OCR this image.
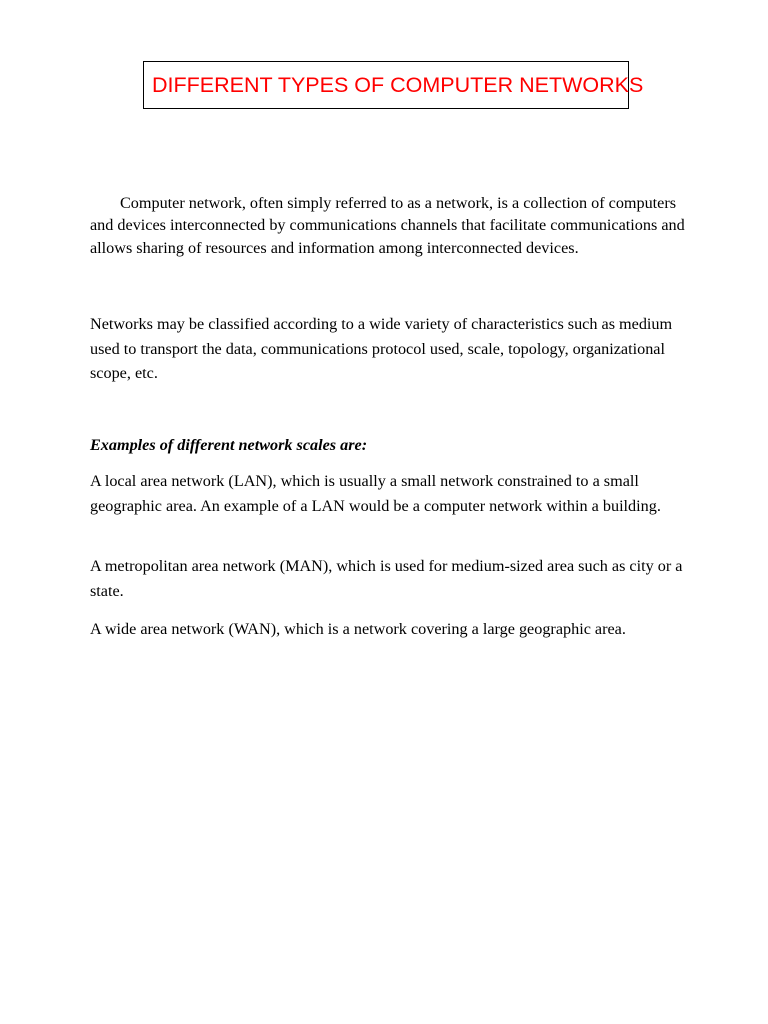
DIFFERENT TYPES OF COMPUTER NETWORKS

Computer network, often simply referred to as a network, is a collection of computers and devices interconnected by communications channels that facilitate communications and allows sharing of resources and information among interconnected devices.

Networks may be classified according to a wide variety of characteristics such as medium used to transport the data, communications protocol used, scale, topology, organizational scope, etc.

Examples of different network scales are:

A local area network (LAN), which is usually a small network constrained to a small geographic area. An example of a LAN would be a computer network within a building.

A metropolitan area network (MAN), which is used for medium-sized area such as city or a state.

A wide area network (WAN), which is a network covering a large geographic area.
